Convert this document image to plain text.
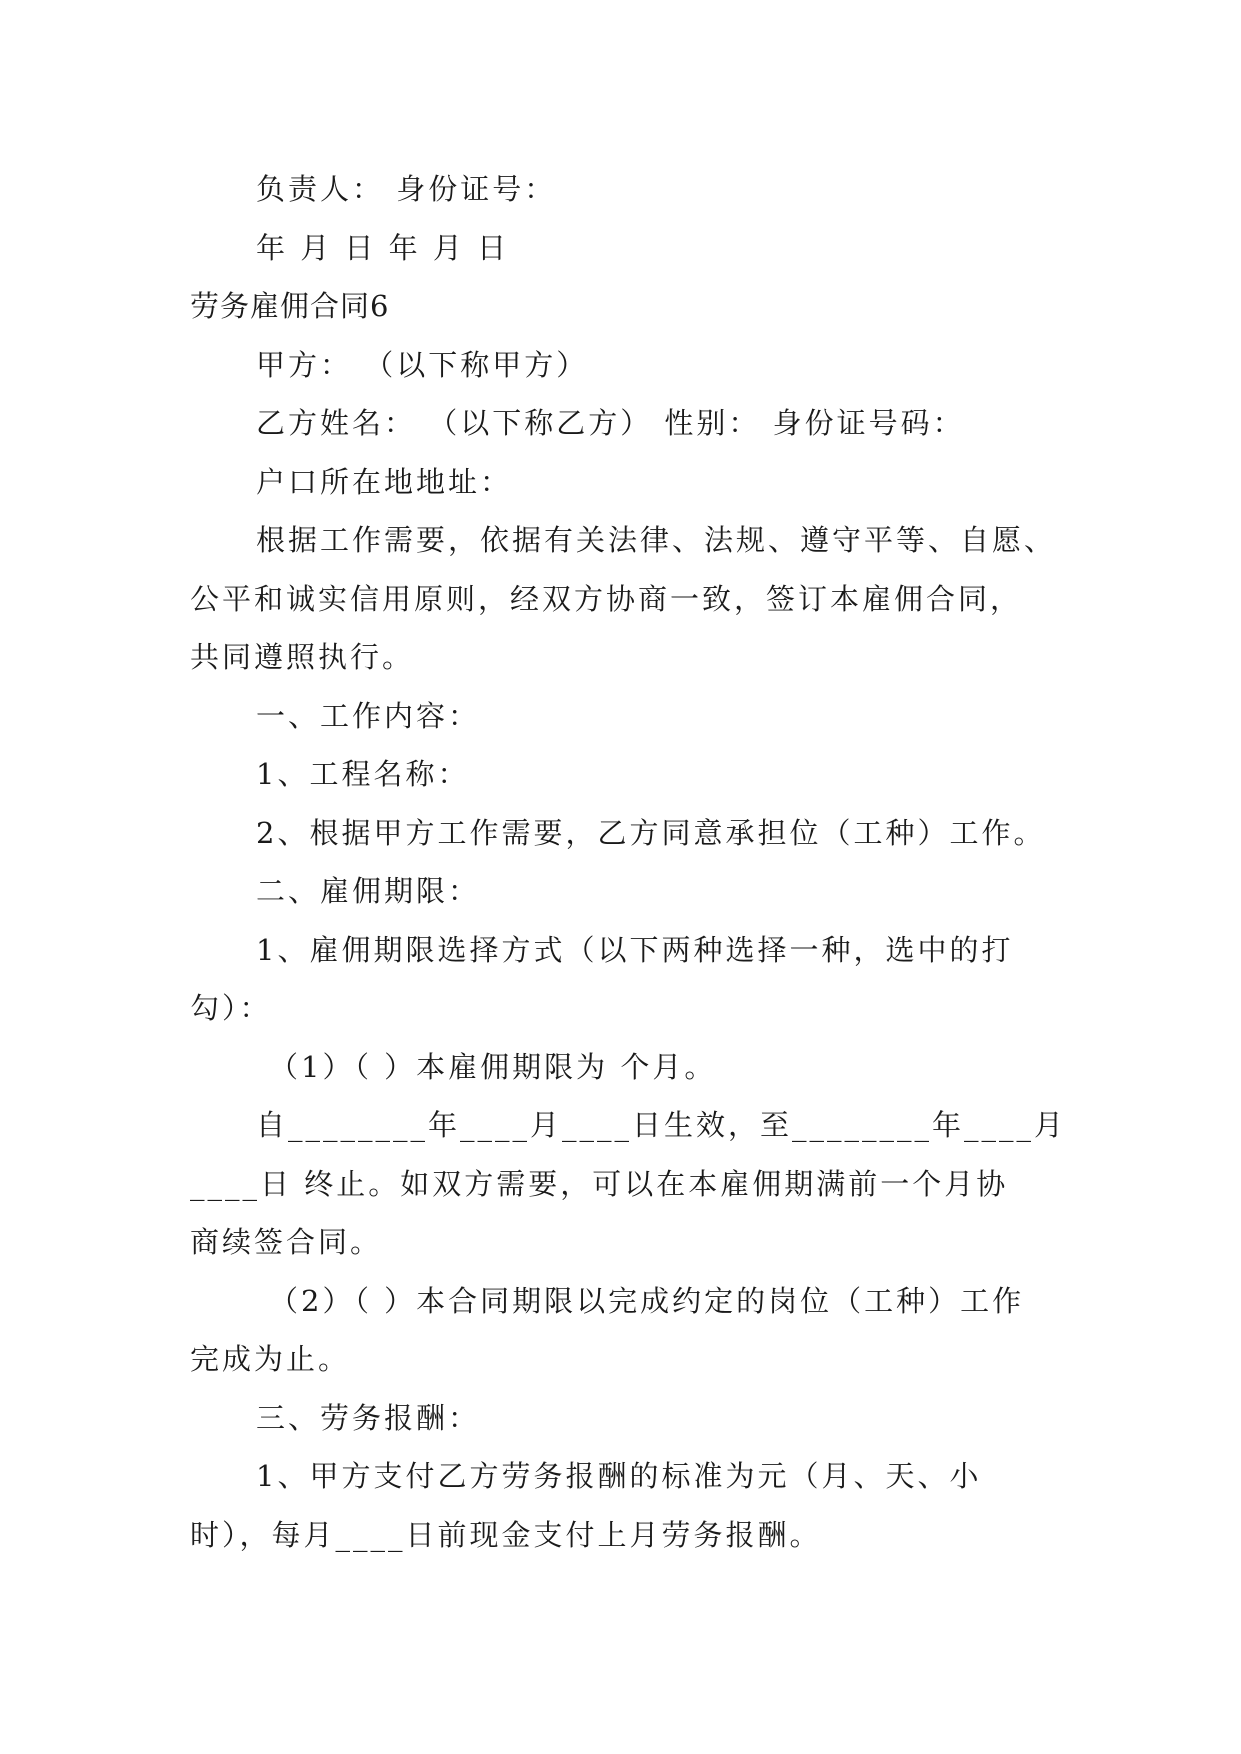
负责人： 身份证号：

年 月 日 年 月 日

劳务雇佣合同6

甲方： （以下称甲方）

乙方姓名： （以下称乙方） 性别： 身份证号码：

户口所在地地址：

根据工作需要，依据有关法律、法规、遵守平等、自愿、

公平和诚实信用原则，经双方协商一致，签订本雇佣合同，

共同遵照执行。

一、工作内容：

1、工程名称：

2、根据甲方工作需要，乙方同意承担位（工种）工作。

二、雇佣期限：

1、雇佣期限选择方式（以下两种选择一种，选中的打

勾）：

（1）（ ）本雇佣期限为 个月。

自________年____月____日生效，至________年____月

____日 终止。如双方需要，可以在本雇佣期满前一个月协

商续签合同。

（2）（ ）本合同期限以完成约定的岗位（工种）工作

完成为止。

三、劳务报酬：

1、甲方支付乙方劳务报酬的标准为元（月、天、小

时），每月____日前现金支付上月劳务报酬。
